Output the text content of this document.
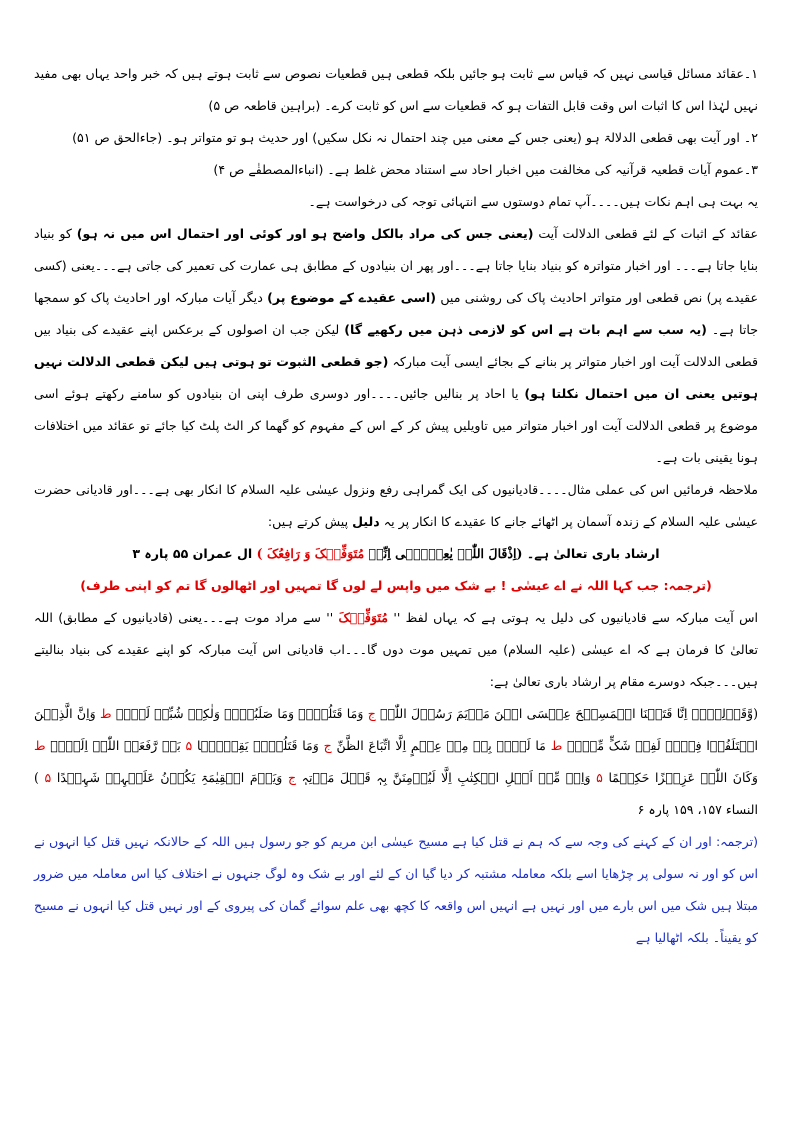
۱۔عقائد مسائل قیاسی نہیں کہ قیاس سے ثابت ہو جائیں بلکہ قطعی ہیں قطعیات نصوص سے ثابت ہوتے ہیں کہ خبر واحد یہاں بھی مفید نہیں لہٰذا اس کا اثبات اس وقت قابل التفات ہو کہ قطعیات سے اس کو ثابت کرے۔ (براہین قاطعہ ص ۵)

۲۔ اور آیت بھی قطعی الدلالۃ ہو (یعنی جس کے معنی میں چند احتمال نہ نکل سکیں) اور حدیث ہو تو متواتر ہو۔ (جاءالحق ص ۵۱)

۳۔عموم آیات قطعیہ قرآنیہ کی مخالفت میں اخبار احاد سے استناد محض غلط ہے۔ (انباءالمصطفٰے ص ۴)

یہ بہت ہی اہم نکات ہیں۔۔۔۔آپ تمام دوستوں سے انتہائی توجہ کی درخواست ہے۔

عقائد کے اثبات کے لئے قطعی الدلالت آیت (یعنی جس کی مراد بالکل واضح ہو اور کوئی اور احتمال اس میں نہ ہو) کو بنیاد بنایا جاتا ہے۔۔۔ اور اخبار متواترہ کو بنیاد بنایا جاتا ہے۔۔۔اور پھر ان بنیادوں کے مطابق ہی عمارت کی تعمیر کی جاتی ہے۔۔۔یعنی (کسی عقیدے پر) نص قطعی اور متواتر احادیث پاک کی روشنی میں (اسی عقیدے کے موضوع پر) دیگر آیات مبارکہ اور احادیث پاک کو سمجھا جاتا ہے۔ (یہ سب سے اہم بات ہے اس کو لازمی ذہن میں رکھیے گا) لیکن جب ان اصولوں کے برعکس اپنے عقیدے کی بنیاد بیں قطعی الدلالت آیت اور اخبار متواتر پر بنانے کے بجائے ایسی آیت مبارکہ (جو قطعی الثبوت تو ہوتی ہیں لیکن قطعی الدلالت نہیں ہوتیں یعنی ان میں احتمال نکلتا ہو) یا احاد پر بنالیں جائیں۔۔۔۔اور دوسری طرف اپنی ان بنیادوں کو سامنے رکھتے ہوئے اسی موضوع پر قطعی الدلالت آیت اور اخبار متواتر میں تاویلیں پیش کر کے اس کے مفہوم کو گھما کر الٹ پلٹ کیا جائے تو عقائد میں اختلافات ہونا یقینی بات ہے۔

ملاحظہ فرمائیں اس کی عملی مثال۔۔۔۔قادیانیوں کی ایک گمراہی رفع ونزول عیسٰی علیہ السلام کا انکار بھی ہے۔۔۔اور قادیانی حضرت عیسٰی علیہ السلام کے زندہ آسمان پر اٹھائے جانے کا عقیدے کا انکار پر یہ دلیل پیش کرتے ہیں:

ارشاد باری تعالیٰ ہے۔ (اِذْقَالَ اللّٰہُ یٰعِیۡسٰۤی اِنِّیۡ مُتَوَفِّیۡکَ وَ رَافِعُکَ ) ال عمران ۵۵ پارہ ۳

(ترجمہ: جب کہا اللہ نے اے عیسٰی ! بے شک میں واپس لے لوں گا تمہیں اور اٹھالوں گا تم کو اپنی طرف)

اس آیت مبارکہ سے قادیانیوں کی دلیل یہ ہوتی ہے کہ یہاں لفظ '' مُتَوَفِّیۡکَ '' سے مراد موت ہے۔۔۔یعنی (قادیانیوں کے مطابق) اللہ تعالیٰ کا فرمان ہے کہ اے عیسٰی (علیہ السلام) میں تمہیں موت دوں گا۔۔۔اب قادیانی اس آیت مبارکہ کو اپنے عقیدے کی بنیاد بنالیتے ہیں۔۔۔جبکہ دوسرے مقام پر ارشاد باری تعالیٰ ہے:

(وَّقَوۡلِہِمۡ اِنَّا قَتَلۡنَا الۡمَسِیۡحَ عِیۡسَی ابۡنَ مَرۡیَمَ رَسُوۡلَ اللّٰہِ ج وَمَا قَتَلُوۡہُ وَمَا صَلَبُوۡہُ وَلٰکِنۡ شُبِّہَ لَہُمۡ ط وَاِنَّ الَّذِیۡنَ اخۡتَلَفُوۡا فِیۡہِ لَفِیۡ شَکٍّ مِّنۡہُ ط مَا لَہُمۡ بِہٖ مِنۡ عِلۡمٍ اِلَّا اتِّبَاعَ الظَّنِّ ج وَمَا قَتَلُوۡہُ یَقِیۡنًۢا ۵ بَلۡ رَّفَعَہُ اللّٰہُ اِلَیۡہِ ط وَکَانَ اللّٰہُ عَزِیۡزًا حَکِیۡمًا ۵ وَاِنۡ مِّنۡ اَہۡلِ الۡکِتٰبِ اِلَّا لَیُؤۡمِنَنَّ بِہٖ قَبۡلَ مَوۡتِہٖ ج وَیَوۡمَ الۡقِیٰمَۃِ یَکُوۡنُ عَلَیۡہِمۡ شَہِیۡدًا ۵ ) النساء ۱۵۷، ۱۵۹ پارہ ۶

(ترجمہ: اور ان کے کہنے کی وجہ سے کہ ہم نے قتل کیا ہے مسیح عیسٰی ابن مریم کو جو رسول ہیں اللہ کے حالانکہ نہیں قتل کیا انہوں نے اس کو اور نہ سولی پر چڑھایا اسے بلکہ معاملہ مشتبہ کر دیا گیا ان کے لئے اور بے شک وہ لوگ جنہوں نے اختلاف کیا اس معاملہ میں ضرور مبتلا ہیں شک میں اس بارے میں اور نہیں ہے انہیں اس واقعہ کا کچھ بھی علم سوائے گمان کی پیروی کے اور نہیں قتل کیا انہوں نے مسیح کو یقیناً۔ بلکہ اٹھالیا ہے
